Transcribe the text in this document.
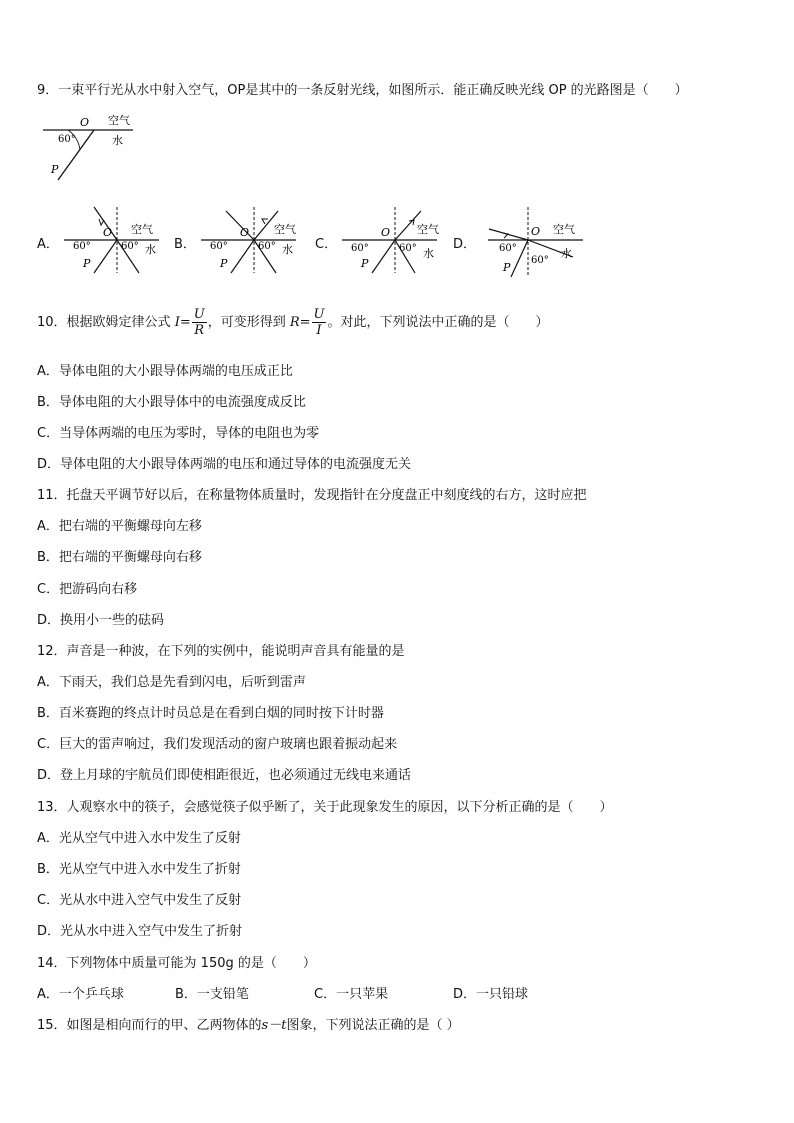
9．一束平行光从水中射入空气，OP是其中的一条反射光线，如图所示．能正确反映光线 OP 的光路图是（　　）
O 空气
水
60°
P
A．
O 空气
水
60°	60°
P
B．
O 空气
水
60°	60°
P
C．
O 空气
水
60°	60°
P
D．
O 空气
水
60°
60°
P
10．根据欧姆定律公式 $I= \frac{U}{R}$ ，可变形得到 $R= \frac{U}{I}$ 。对此，下列说法中正确的是（　　）
A．导体电阻的大小跟导体两端的电压成正比
B．导体电阻的大小跟导体中的电流强度成反比
C．当导体两端的电压为零时，导体的电阻也为零
D．导体电阻的大小跟导体两端的电压和通过导体的电流强度无关
11．托盘天平调节好以后，在称量物体质量时，发现指针在分度盘正中刻度线的右方，这时应把
A．把右端的平衡螺母向左移
B．把右端的平衡螺母向右移
C．把游码向右移
D．换用小一些的砝码
12．声音是一种波，在下列的实例中，能说明声音具有能量的是
A．下雨天，我们总是先看到闪电，后听到雷声
B．百米赛跑的终点计时员总是在看到白烟的同时按下计时器
C．巨大的雷声响过，我们发现活动的窗户玻璃也跟着振动起来
D．登上月球的宇航员们即使相距很近，也必须通过无线电来通话
13．人观察水中的筷子，会感觉筷子似乎断了，关于此现象发生的原因，以下分析正确的是（　　）
A．光从空气中进入水中发生了反射
B．光从空气中进入水中发生了折射
C．光从水中进入空气中发生了反射
D．光从水中进入空气中发生了折射
14．下列物体中质量可能为 150g 的是（　　）
A．一个乒乓球	B．一支铅笔	C．一只苹果	D．一只铅球
15．如图是相向而行的甲、乙两物体的s－t图象，下列说法正确的是（ ）
